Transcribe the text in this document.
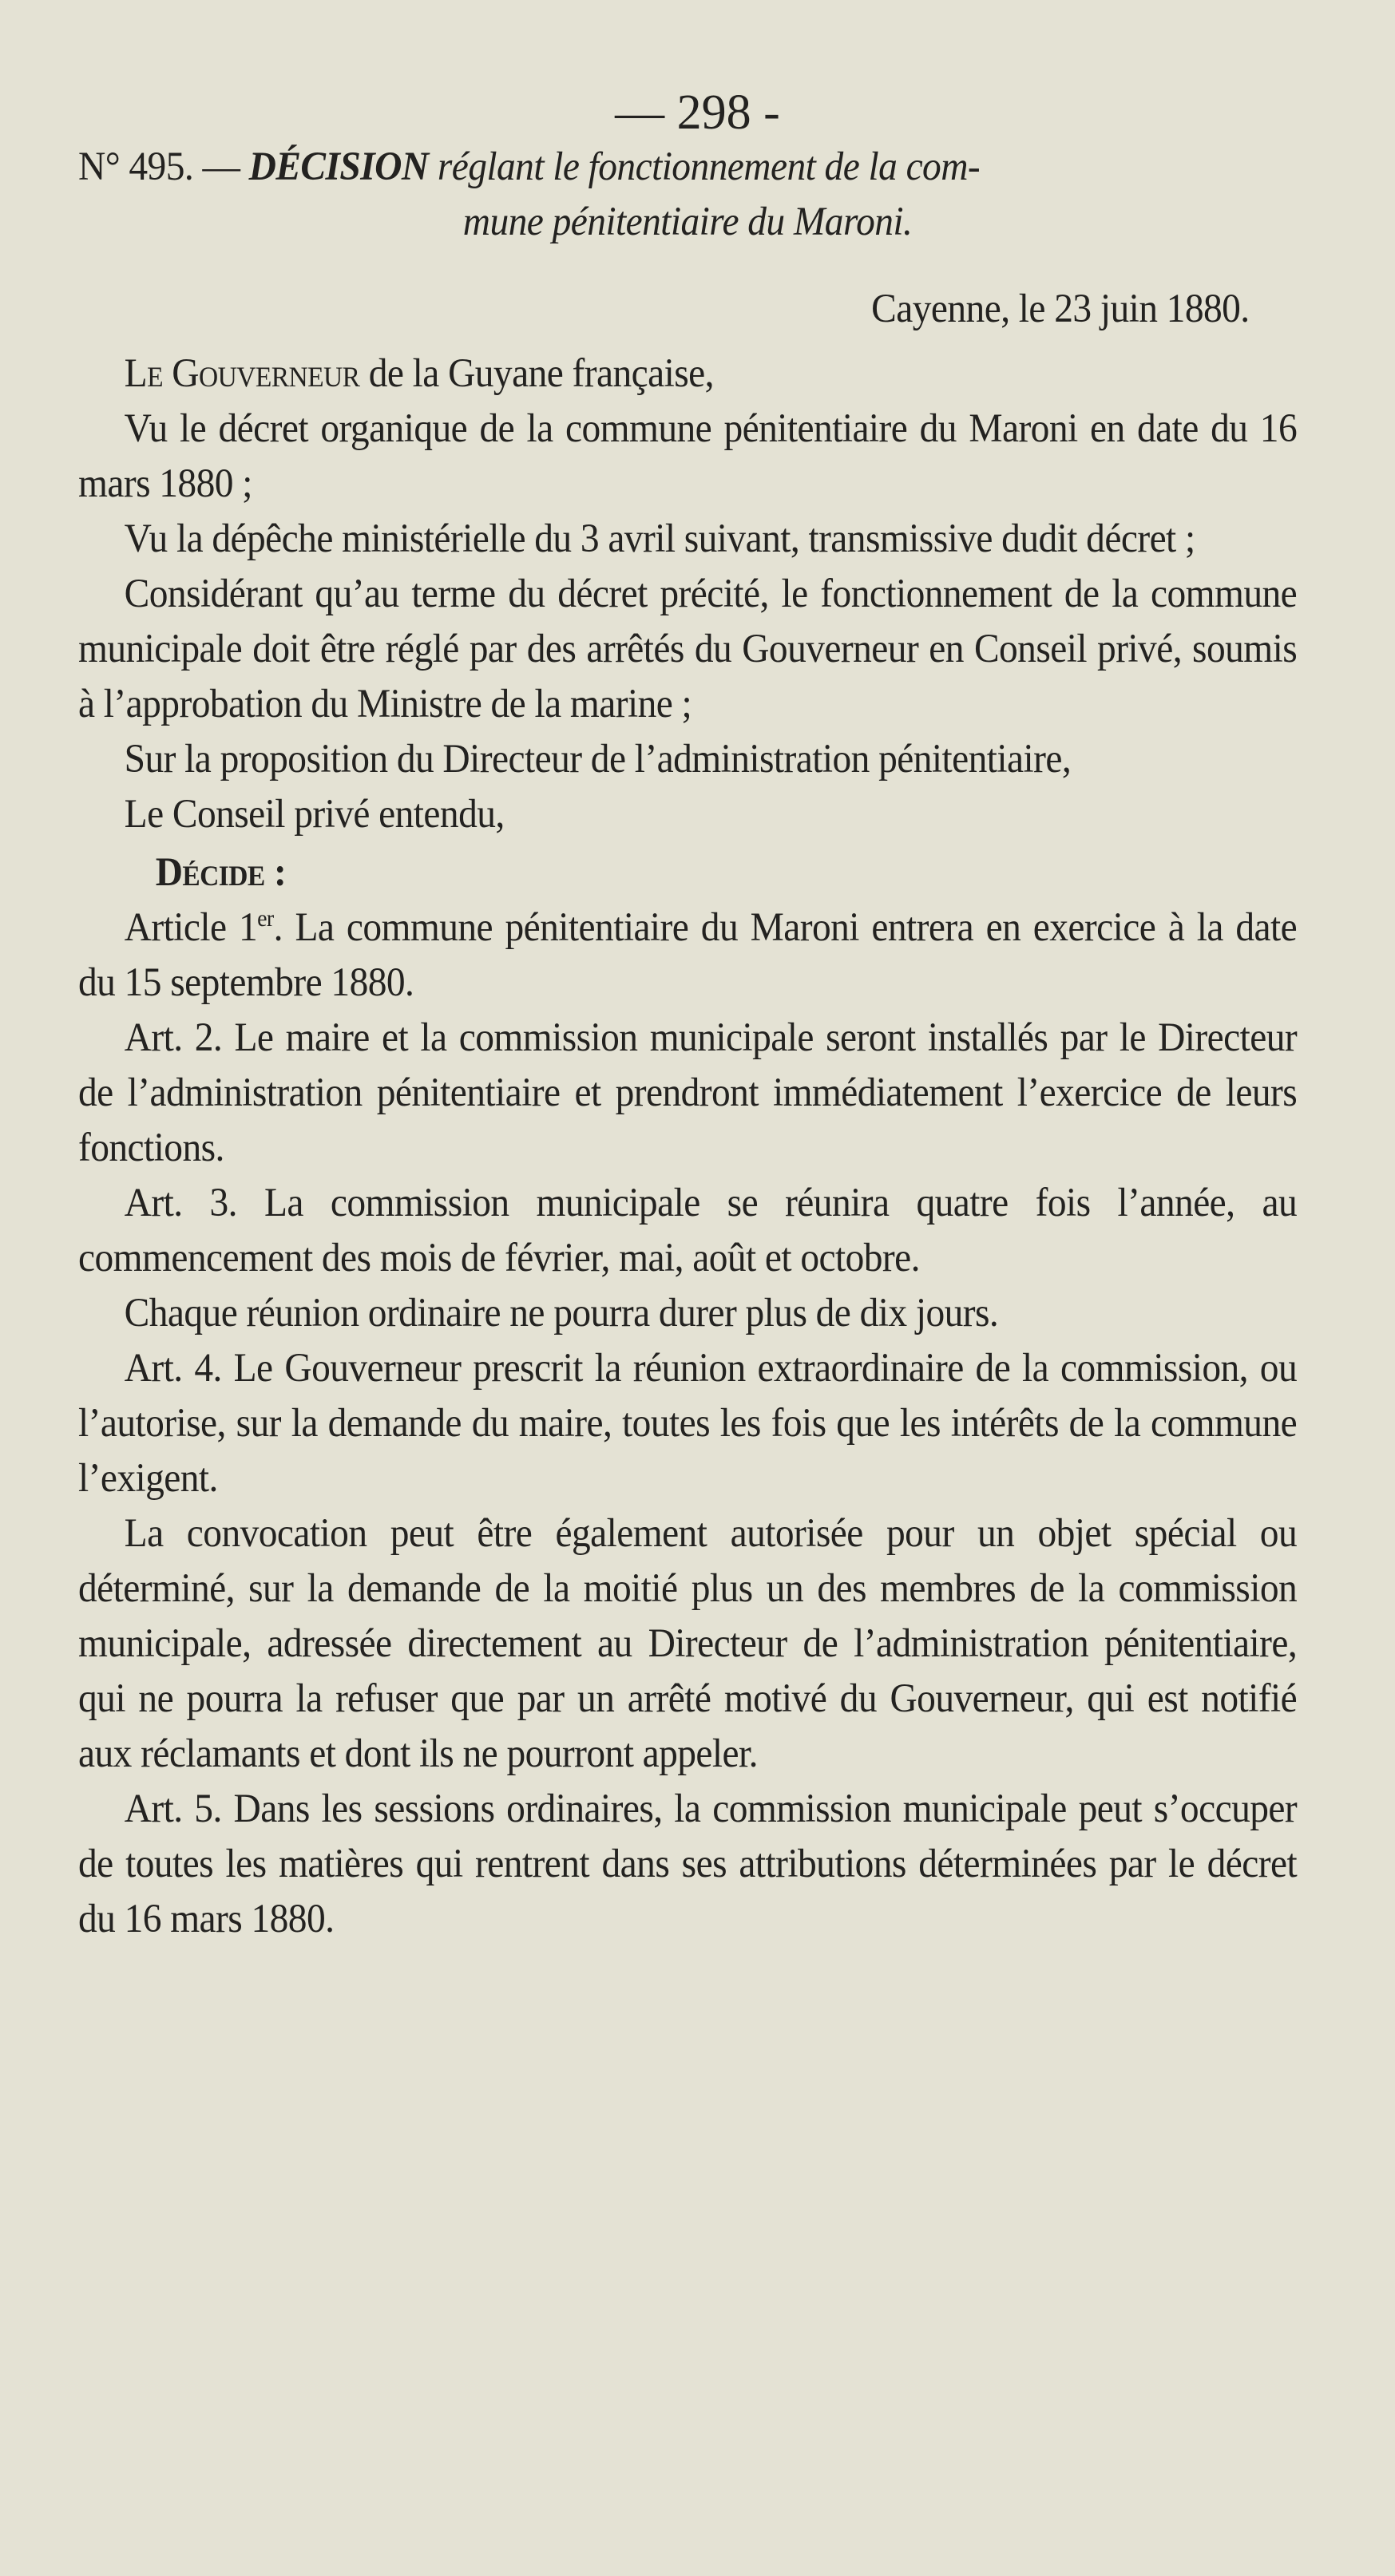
— 298 -
N° 495. — DÉCISION réglant le fonctionnement de la com-
mune pénitentiaire du Maroni.
Cayenne, le 23 juin 1880.

Le Gouverneur de la Guyane française,

Vu le décret organique de la commune pénitentiaire du Maroni en date du 16 mars 1880 ;

Vu la dépêche ministérielle du 3 avril suivant, transmissive dudit décret ;

Considérant qu’au terme du décret précité, le fonctionnement de la commune municipale doit être réglé par des arrêtés du Gouverneur en Conseil privé, soumis à l’approbation du Ministre de la marine ;

Sur la proposition du Directeur de l’administration pénitentiaire,

Le Conseil privé entendu,

Décide :

Article 1er. La commune pénitentiaire du Maroni entrera en exercice à la date du 15 septembre 1880.

Art. 2. Le maire et la commission municipale seront installés par le Directeur de l’administration pénitentiaire et prendront immédiatement l’exercice de leurs fonctions.

Art. 3. La commission municipale se réunira quatre fois l’année, au commencement des mois de février, mai, août et octobre.

Chaque réunion ordinaire ne pourra durer plus de dix jours.

Art. 4. Le Gouverneur prescrit la réunion extraordinaire de la commission, ou l’autorise, sur la demande du maire, toutes les fois que les intérêts de la commune l’exigent.

La convocation peut être également autorisée pour un objet spécial ou déterminé, sur la demande de la moitié plus un des membres de la commission municipale, adressée directement au Directeur de l’administration pénitentiaire, qui ne pourra la refuser que par un arrêté motivé du Gouverneur, qui est notifié aux réclamants et dont ils ne pourront appeler.

Art. 5. Dans les sessions ordinaires, la commission municipale peut s’occuper de toutes les matières qui rentrent dans ses attributions déterminées par le décret du 16 mars 1880.
